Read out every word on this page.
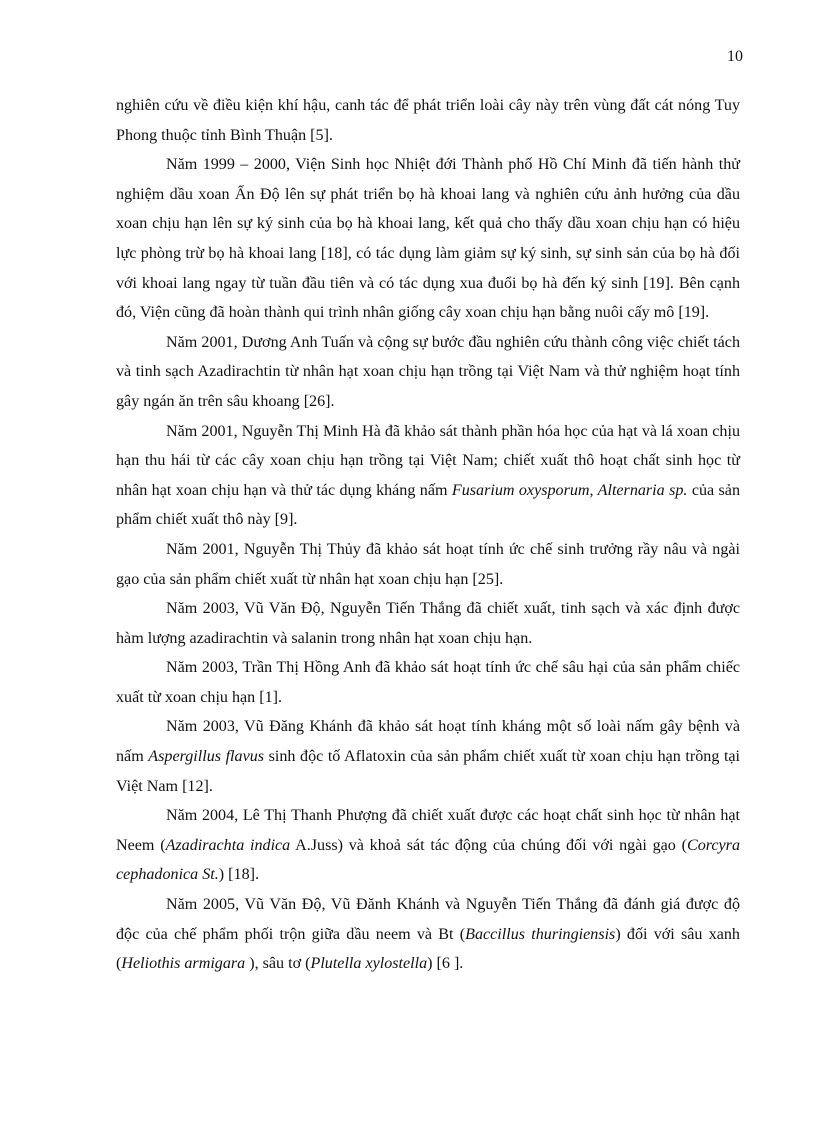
10

nghiên cứu về điều kiện khí hậu, canh tác để phát triển loài cây này trên vùng đất cát nóng Tuy Phong thuộc tỉnh Bình Thuận [5].

Năm 1999 – 2000, Viện Sinh học Nhiệt đới Thành phố Hồ Chí Minh đã tiến hành thử nghiệm dầu xoan Ấn Độ lên sự phát triển bọ hà khoai lang và nghiên cứu ảnh hưởng của dầu xoan chịu hạn lên sự ký sinh của bọ hà khoai lang, kết quả cho thấy dầu xoan chịu hạn có hiệu lực phòng trừ bọ hà khoai lang [18], có tác dụng làm giảm sự ký sinh, sự sinh sản của bọ hà đối với khoai lang ngay từ tuần đầu tiên và có tác dụng xua đuổi bọ hà đến ký sinh [19]. Bên cạnh đó, Viện cũng đã hoàn thành qui trình nhân giống cây xoan chịu hạn bằng nuôi cấy mô [19].

Năm 2001, Dương Anh Tuấn và cộng sự bước đầu nghiên cứu thành công việc chiết tách và tinh sạch Azadirachtin từ nhân hạt xoan chịu hạn trồng tại Việt Nam và thử nghiệm hoạt tính gây ngán ăn trên sâu khoang [26].

Năm 2001, Nguyễn Thị Minh Hà đã khảo sát thành phần hóa học của hạt và lá xoan chịu hạn thu hái từ các cây xoan chịu hạn trồng tại Việt Nam; chiết xuất thô hoạt chất sinh học từ nhân hạt xoan chịu hạn và thử tác dụng kháng nấm Fusarium oxysporum, Alternaria sp. của sản phẩm chiết xuất thô này [9].

Năm 2001, Nguyễn Thị Thủy đã khảo sát hoạt tính ức chế sinh trưởng rầy nâu và ngài gạo của sản phẩm chiết xuất từ nhân hạt xoan chịu hạn [25].

Năm 2003, Vũ Văn Độ, Nguyễn Tiến Thắng đã chiết xuất, tinh sạch và xác định được hàm lượng azadirachtin và salanin trong nhân hạt xoan chịu hạn.

Năm 2003, Trần Thị Hồng Anh đã khảo sát hoạt tính ức chế sâu hại của sản phẩm chiếc xuất từ xoan chịu hạn [1].

Năm 2003, Vũ Đăng Khánh đã khảo sát hoạt tính kháng một số loài nấm gây bệnh và nấm Aspergillus flavus sinh độc tố Aflatoxin của sản phẩm chiết xuất từ xoan chịu hạn trồng tại Việt Nam [12].

Năm 2004, Lê Thị Thanh Phượng đã chiết xuất được các hoạt chất sinh học từ nhân hạt Neem (Azadirachta indica A.Juss) và khoả sát tác động của chúng đối với ngài gạo (Corcyra cephadonica St.) [18].

Năm 2005, Vũ Văn Độ, Vũ Đănh Khánh và Nguyễn Tiến Thắng đã đánh giá được độ độc của chế phẩm phối trộn giữa dầu neem và Bt (Baccillus thuringiensis) đối với sâu xanh (Heliothis armigara ), sâu tơ (Plutella xylostella) [6 ].
